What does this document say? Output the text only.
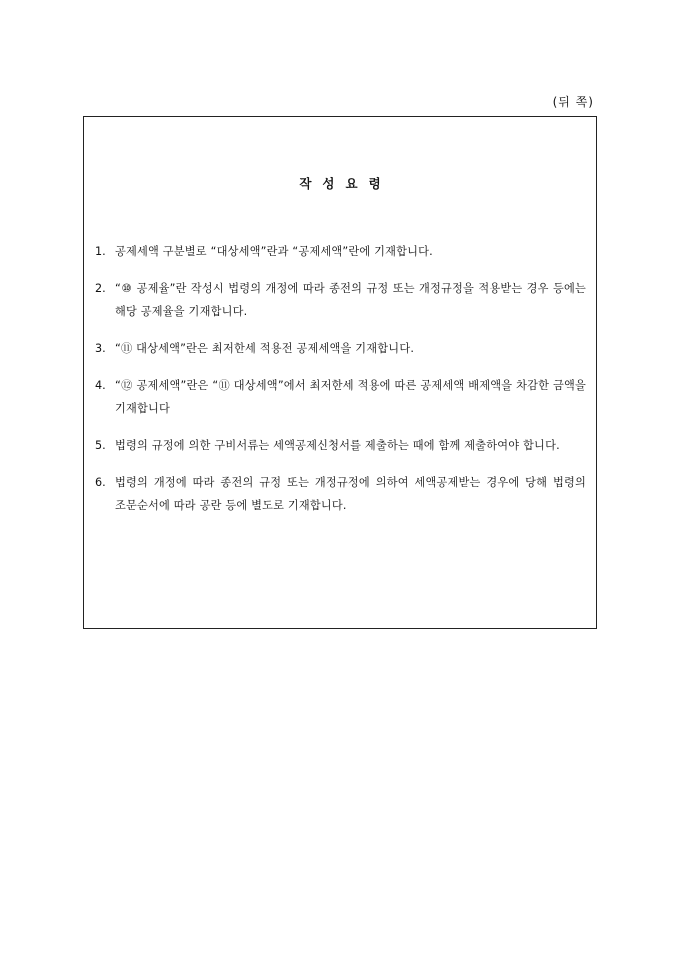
(뒤 쪽)
작성요령
1. 공제세액 구분별로 “대상세액”란과 “공제세액”란에 기재합니다.
2. “⑩ 공제율”란 작성시 법령의 개정에 따라 종전의 규정 또는 개정규정을 적용받는 경우 등에는 해당 공제율을 기재합니다.
3. “⑪ 대상세액”란은 최저한세 적용전 공제세액을 기재합니다.
4. “⑫ 공제세액”란은 “⑪ 대상세액”에서 최저한세 적용에 따른 공제세액 배제액을 차감한 금액을 기재합니다
5. 법령의 규정에 의한 구비서류는 세액공제신청서를 제출하는 때에 함께 제출하여야 합니다.
6. 법령의 개정에 따라 종전의 규정 또는 개정규정에 의하여 세액공제받는 경우에 당해 법령의 조문순서에 따라 공란 등에 별도로 기재합니다.
